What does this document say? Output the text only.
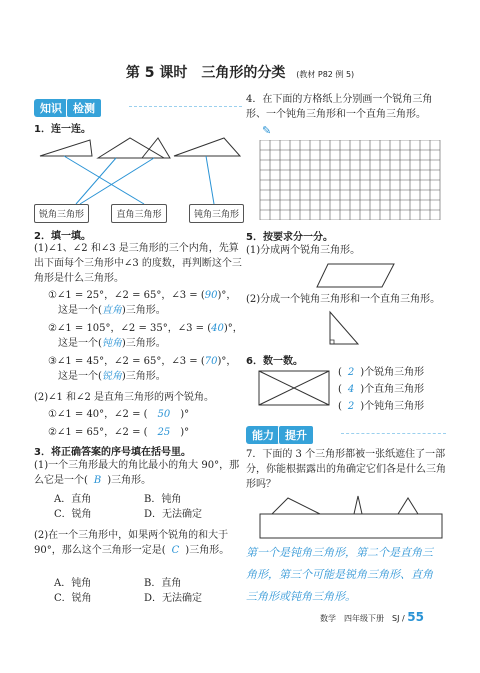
第 5 课时　三角形的分类 (教材 P82 例 5)
知识 检测
1．连一连。
锐角三角形	直角三角形	钝角三角形
2．填一填。
(1)∠1、∠2 和∠3 是三角形的三个内角，先算出下面每个三角形中∠3 的度数，再判断这个三角形是什么三角形。
①∠1 = 25°，∠2 = 65°，∠3 = (90)°，
这是一个(直角)三角形。
②∠1 = 105°，∠2 = 35°，∠3 = (40)°，
这是一个(钝角)三角形。
③∠1 = 45°，∠2 = 65°，∠3 = (70)°，
这是一个(锐角)三角形。
(2)∠1 和∠2 是直角三角形的两个锐角。
①∠1 = 40°，∠2 = ( 50 )°
②∠1 = 65°，∠2 = ( 25 )°
3．将正确答案的序号填在括号里。
(1)一个三角形最大的角比最小的角大 90°，那么它是一个( B )三角形。
A．直角	B．钝角
C．锐角	D．无法确定
(2)在一个三角形中，如果两个锐角的和大于 90°，那么这个三角形一定是( C )三角形。
A．钝角	B．直角
C．锐角	D．无法确定
4．在下面的方格纸上分别画一个锐角三角形、一个钝角三角形和一个直角三角形。
✎
5．按要求分一分。
(1)分成两个锐角三角形。
(2)分成一个钝角三角形和一个直角三角形。
6．数一数。
( 2 )个锐角三角形
( 4 )个直角三角形
( 2 )个钝角三角形
能力 提升
7．下面的 3 个三角形都被一张纸遮住了一部分，你能根据露出的角确定它们各是什么三角形吗？
第一个是钝角三角形，第二个是直角三角形，第三个可能是锐角三角形、直角三角形或钝角三角形。
数学　 四年级下册　 SJ / 55
